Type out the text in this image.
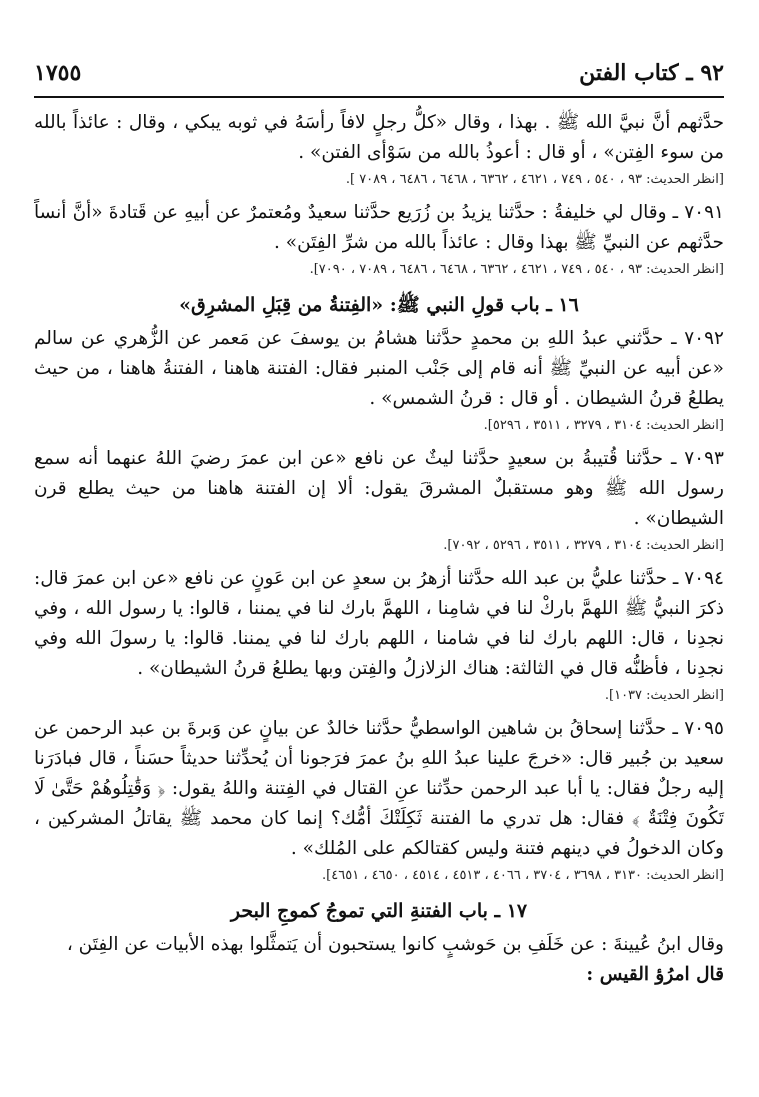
٩٢ ـ كتاب الفتن
١٧٥٥

حدَّثهم أنَّ نبيَّ الله ﷺ . بهذا ، وقال «كلُّ رجلٍ لافاً رأسَهُ في ثوبه يبكي ، وقال : عائذاً بالله من سوء الفِتن» ، أو قال : أعوذُ بالله من سَوْأى الفتن» .

[انظر الحديث: ٩٣ ، ٥٤٠ ، ٧٤٩ ، ٤٦٢١ ، ٦٣٦٢ ، ٦٤٦٨ ، ٦٤٨٦ ، ٧٠٨٩ ].

٧٠٩١ ـ وقال لي خليفةُ : حدَّثنا يزيدُ بن زُرَيع حدَّثنا سعيدٌ ومُعتمرٌ عن أبيهِ عن قَتادةَ «أنَّ أنساً حدَّثهم عن النبيِّ ﷺ بهذا وقال : عائذاً بالله من شرِّ الفِتَن» .

[انظر الحديث: ٩٣ ، ٥٤٠ ، ٧٤٩ ، ٤٦٢١ ، ٦٣٦٢ ، ٦٤٦٨ ، ٦٤٨٦ ، ٧٠٨٩ ، ٧٠٩٠].
١٦ ـ باب قولِ النبي ﷺ: «الفِتنةُ من قِبَلِ المشرِق»

٧٠٩٢ ـ حدَّثني عبدُ اللهِ بن محمدٍ حدَّثنا هشامُ بن يوسفَ عن مَعمر عن الزُّهري عن سالم «عن أبيه عن النبيِّ ﷺ أنه قام إلى جَنْب المنبر فقال: الفتنة هاهنا ، الفتنةُ هاهنا ، من حيث يطلعُ قرنُ الشيطان . أو قال : قرنُ الشمس» .

[انظر الحديث: ٣١٠٤ ، ٣٢٧٩ ، ٣٥١١ ، ٥٢٩٦].

٧٠٩٣ ـ حدَّثنا قُتيبةُ بن سعيدٍ حدَّثنا ليثٌ عن نافع «عن ابن عمرَ رضيَ اللهُ عنهما أنه سمع رسول الله ﷺ وهو مستقبلٌ المشرقَ يقول: ألا إن الفتنة هاهنا من حيث يطلع قرن الشيطان» .

[انظر الحديث: ٣١٠٤ ، ٣٢٧٩ ، ٣٥١١ ، ٥٢٩٦ ، ٧٠٩٢].

٧٠٩٤ ـ حدَّثنا عليُّ بن عبد الله حدَّثنا أزهرُ بن سعدٍ عن ابن عَونٍ عن نافع «عن ابن عمرَ قال: ذكرَ النبيُّ ﷺ اللهمَّ باركْ لنا في شامِنا ، اللهمَّ بارك لنا في يمننا ، قالوا: يا رسول الله ، وفي نجدِنا ، قال: اللهم بارك لنا في شامنا ، اللهم بارك لنا في يمننا. قالوا: يا رسولَ الله وفي نجدِنا ، فأظنُّه قال في الثالثة: هناك الزلازلُ والفِتن وبها يطلعُ قرنُ الشيطان» .

[انظر الحديث: ١٠٣٧].

٧٠٩٥ ـ حدَّثنا إسحاقُ بن شاهين الواسطيُّ حدَّثنا خالدٌ عن بيانٍ عن وَبرةَ بن عبد الرحمن عن سعيد بن جُبير قال: «خرجَ علينا عبدُ اللهِ بنُ عمرَ فرَجونا أن يُحدِّثنا حديثاً حسَناً ، قال فبادَرَنا إليه رجلٌ فقال: يا أبا عبد الرحمن حدِّثنا عنِ القتال في الفِتنة واللهُ يقول: ﴿ وَقَٰتِلُوهُمْ حَتَّىٰ لَا تَكُونَ فِتْنَةٌ ﴾ فقال: هل تدري ما الفتنة ثَكِلَتْكَ أمُّك؟ إنما كان محمد ﷺ يقاتلُ المشركين ، وكان الدخولُ في دينهم فتنة وليس كقتالكم على المُلك» .

[انظر الحديث: ٣١٣٠ ، ٣٦٩٨ ، ٣٧٠٤ ، ٤٠٦٦ ، ٤٥١٣ ، ٤٥١٤ ، ٤٦٥٠ ، ٤٦٥١].
١٧ ـ باب الفتنةِ التي تموجُ كموجِ البحر

وقال ابنُ عُيينةَ : عن خَلَفِ بن حَوشبٍ كانوا يستحبون أن يَتمثَّلوا بهذه الأبيات عن الفِتَن ،

قال امرُؤ القيس :
